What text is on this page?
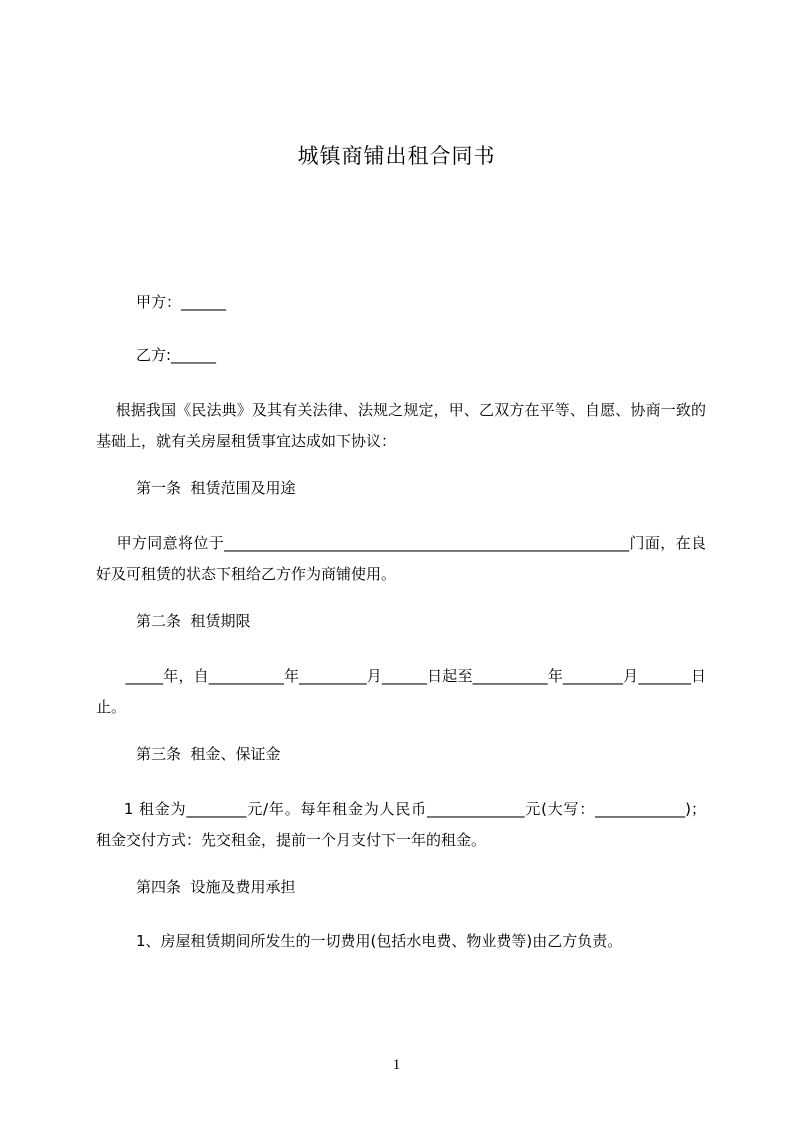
城镇商铺出租合同书
甲方：______
乙方:______
根据我国《民法典》及其有关法律、法规之规定，甲、乙双方在平等、自愿、协商一致的基础上，就有关房屋租赁事宜达成如下协议：
第一条  租赁范围及用途
甲方同意将位于______________________________________________________门面，在良好及可租赁的状态下租给乙方作为商铺使用。
第二条  租赁期限
_____年，自__________年_________月______日起至__________年________月_______日止。
第三条  租金、保证金
1 租金为________元/年。每年租金为人民币_____________元(大写：____________)；  租金交付方式：先交租金，提前一个月支付下一年的租金。
第四条  设施及费用承担
1、房屋租赁期间所发生的一切费用(包括水电费、物业费等)由乙方负责。
1
